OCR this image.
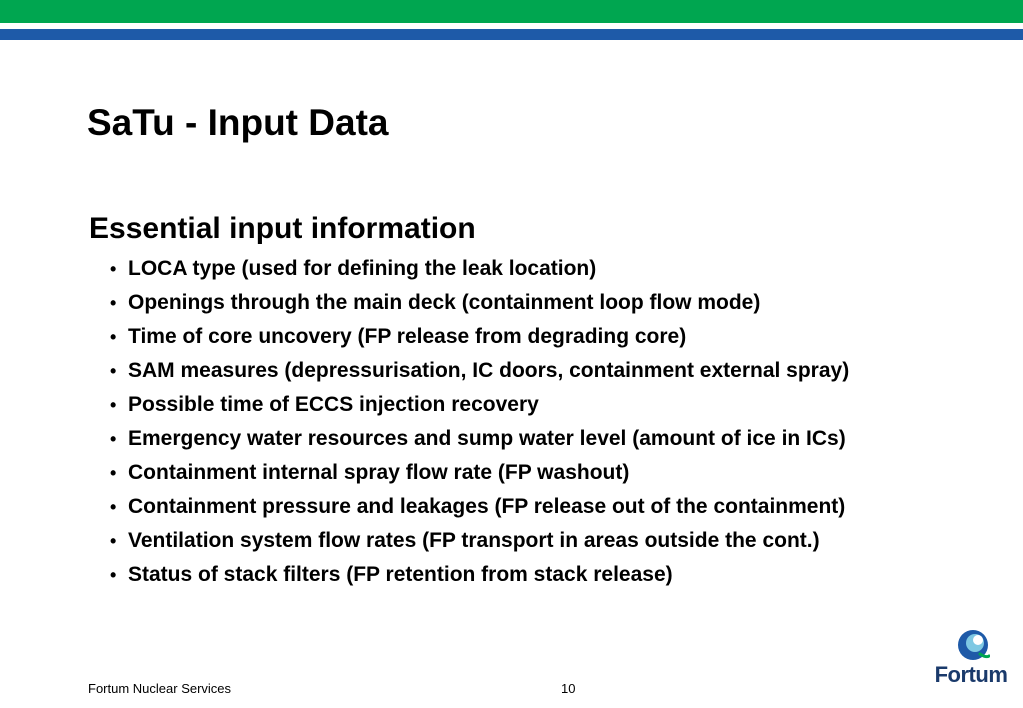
SaTu - Input Data
Essential input information
• LOCA type (used for defining the leak location)
• Openings through the main deck (containment loop flow mode)
• Time of core uncovery (FP release from degrading core)
• SAM measures (depressurisation, IC doors, containment external spray)
• Possible time of ECCS injection recovery
• Emergency water resources and sump water level (amount of ice in ICs)
• Containment internal spray flow rate (FP washout)
• Containment pressure and leakages (FP release out of the containment)
• Ventilation system flow rates (FP transport in areas outside the cont.)
• Status of stack filters (FP retention from stack release)
Fortum Nuclear Services	10
Fortum
